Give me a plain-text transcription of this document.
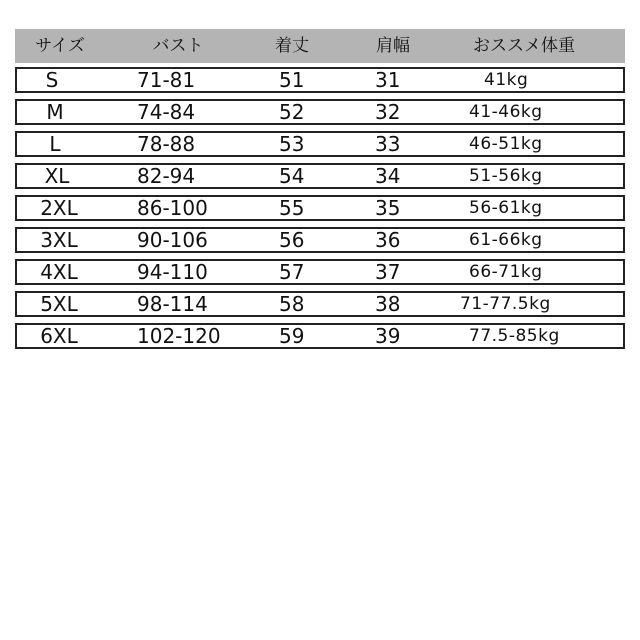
サイズ	バスト	着丈	肩幅	おススメ体重
S	71-81	51	31	41kg
M	74-84	52	32	41-46kg
L	78-88	53	33	46-51kg
XL	82-94	54	34	51-56kg
2XL	86-100	55	35	56-61kg
3XL	90-106	56	36	61-66kg
4XL	94-110	57	37	66-71kg
5XL	98-114	58	38	71-77.5kg
6XL	102-120	59	39	77.5-85kg
